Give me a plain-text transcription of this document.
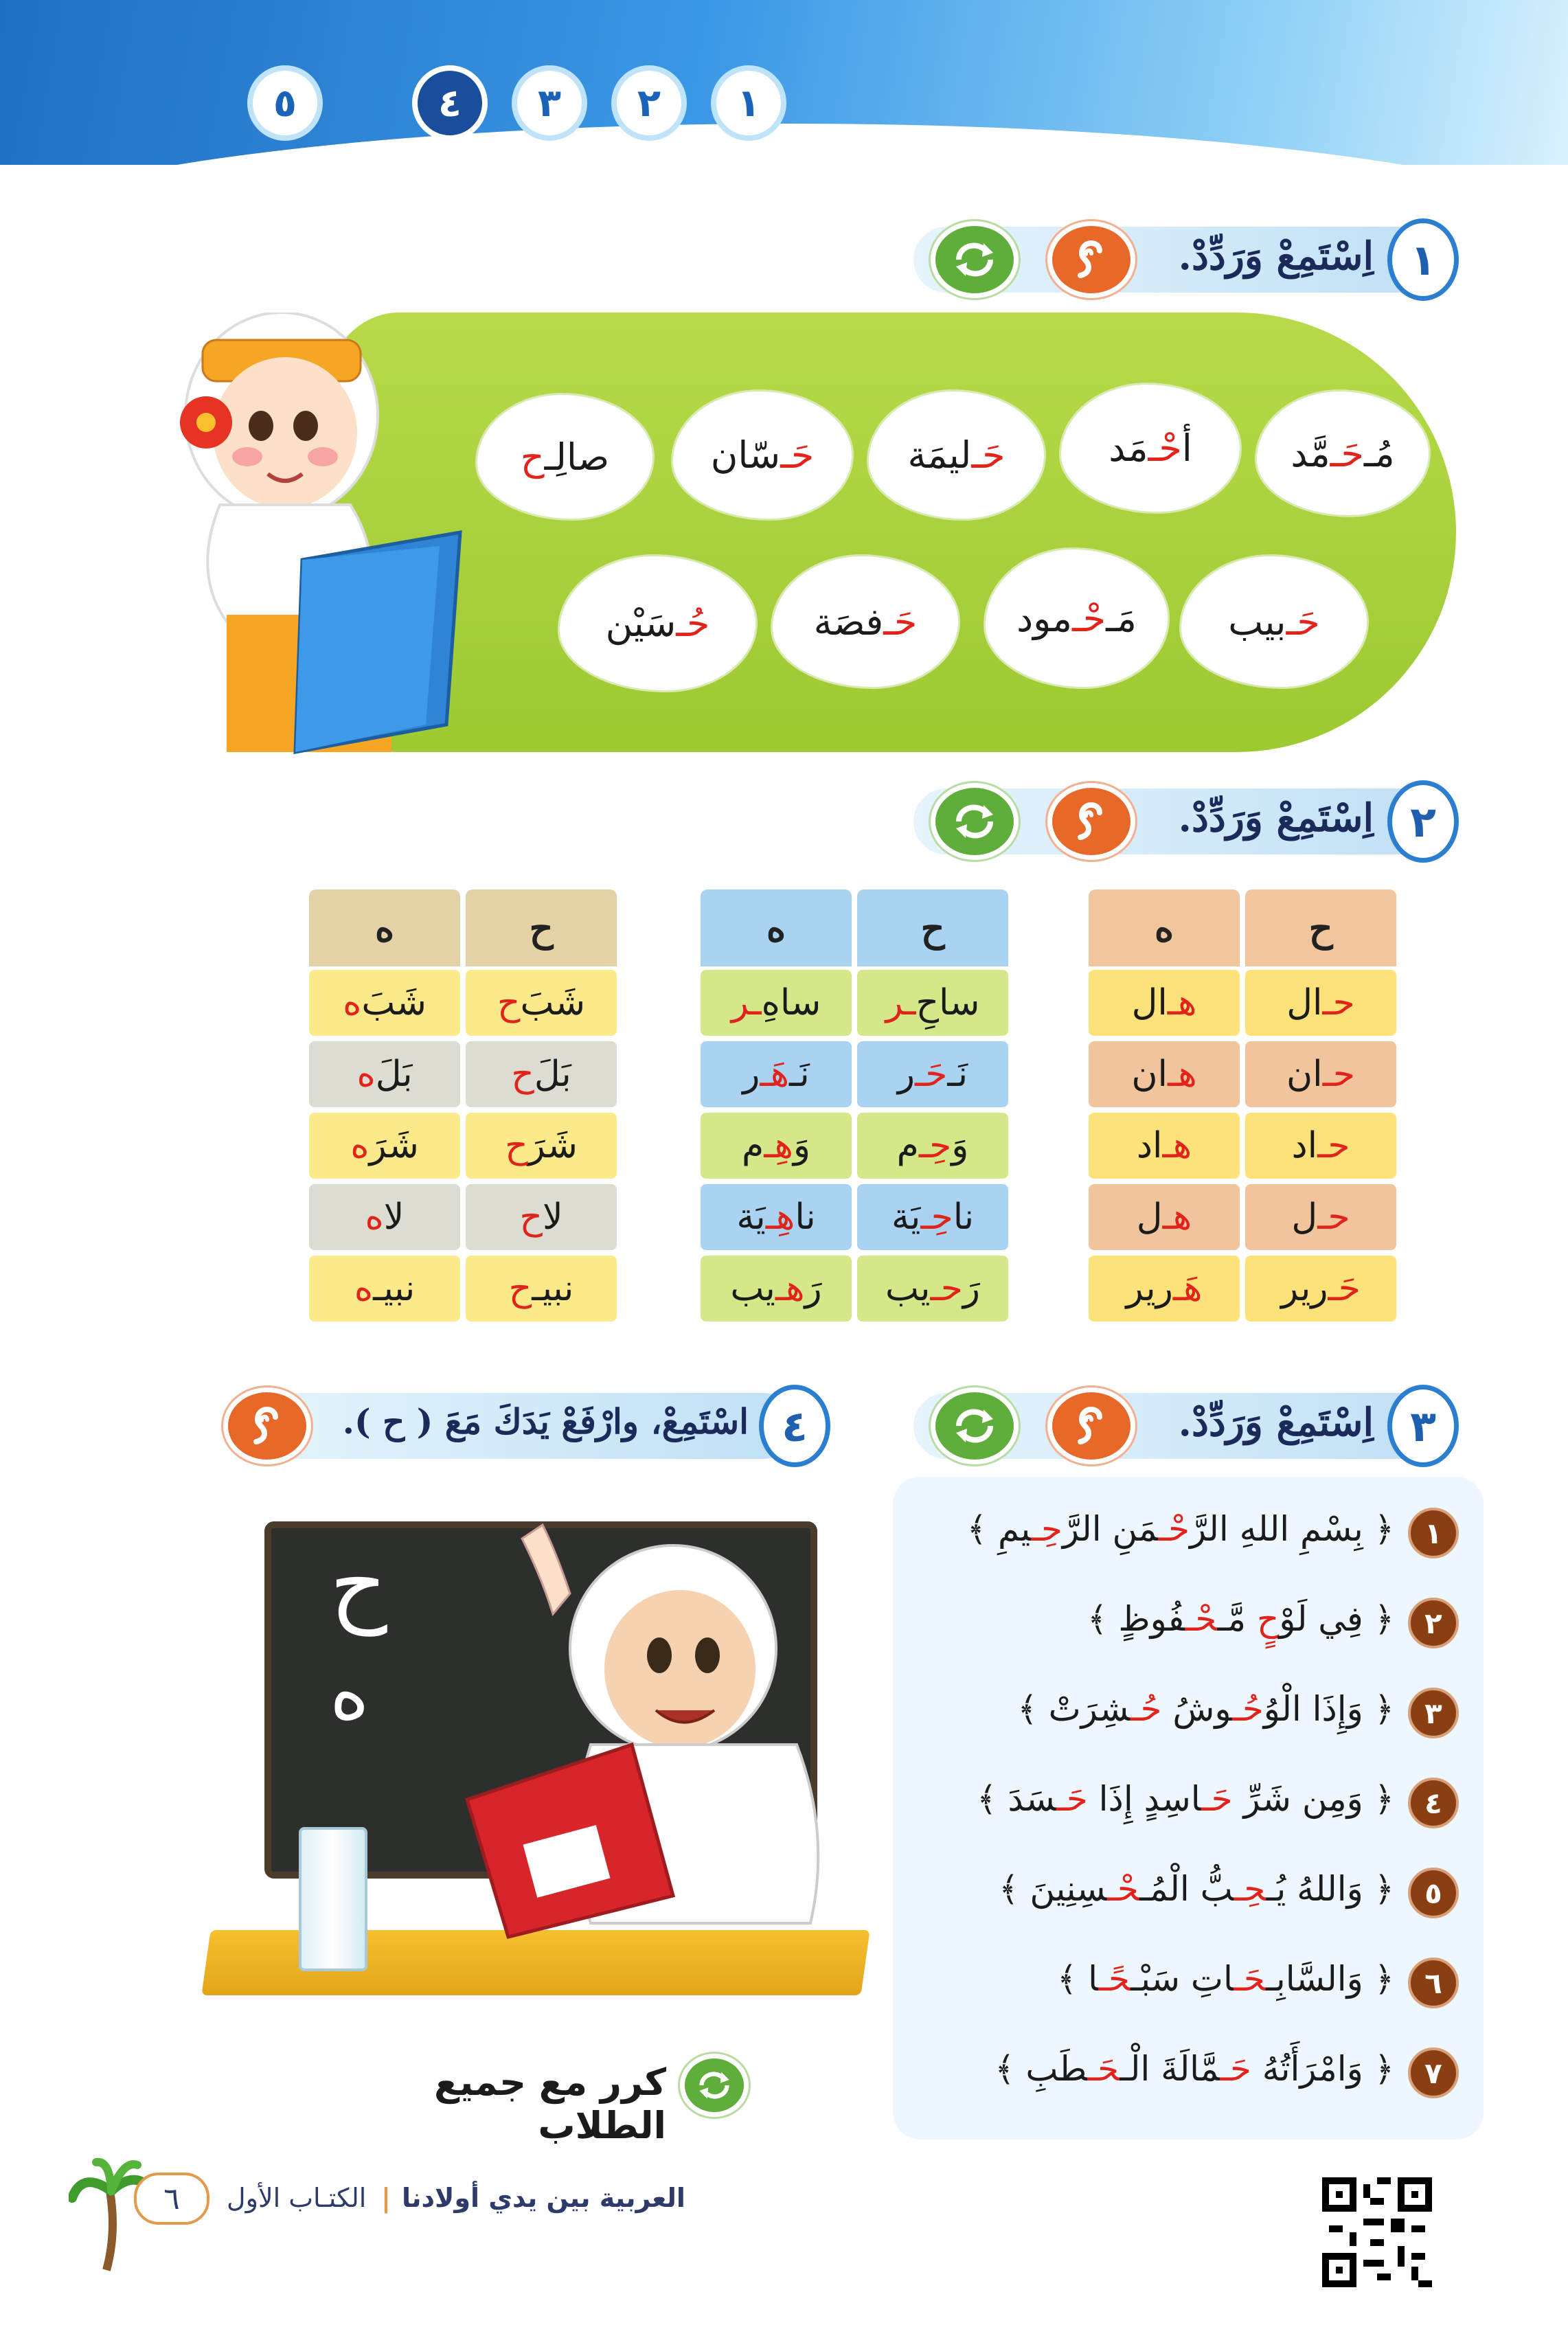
١
٢
٣
٤
٥
١
اِسْتَمِعْ وَرَدِّدْ.
مُـ
حَـ
مَّد
أ
حْـ
مَد
حَـ
ليمَة
حَـ
سّان
صالِـ
ح
حَـ
بيب
مَـ
حْـ
مود
حَـ
فصَة
حُـ
سَيْن
٢
اِسْتَمِعْ وَرَدِّدْ.
ح
حـ
ال
حـ
ان
حـ
اد
حـ
ل
حَـ
رير
ه
هـ
ال
هـ
ان
هـ
اد
هـ
ل
هَـ
رير
ح
ساحِ
ـر
نَـ
حَـ
ر
وَ
حِـ
م
نا
حِـ
يَة
رَ
حـ
يب
ه
ساهِ
ـر
نَـ
هَـ
ر
وَ
هِـ
م
نا
هِـ
يَة
رَ
هـ
يب
ح
شَبَ
ح
بَلَ
ح
شَرَ
ح
لا
ح
نبيـ
ح
ه
شَبَ
ه
بَلَ
ه
شَرَ
ه
لا
ه
نبيـ
ه
٣
اِسْتَمِعْ وَرَدِّدْ.
١
﴿ بِسْمِ اللهِ الرَّحْـمَنِ الرَّحِـيمِ ﴾
٢
﴿ فِي لَوْحٍ مَّـحْـفُوظٍ ﴾
٣
﴿ وَإِذَا الْوُحُـوشُ حُـشِرَتْ ﴾
٤
﴿ وَمِن شَرِّ حَـاسِدٍ إِذَا حَـسَدَ ﴾
٥
﴿ وَاللهُ يُـحِـبُّ الْمُـحْـسِنِينَ ﴾
٦
﴿ وَالسَّابِـحَـاتِ سَبْـحًـا ﴾
٧
﴿ وَامْرَأَتُهُ حَـمَّالَةَ الْـحَـطَبِ ﴾
٤
اسْتَمِعْ، وارْفَعْ يَدَكَ مَعَ ( ح ).
ح
ه
كرر مع جميع الطلاب
٦	الكتـاب الأول | العربية بين يدي أولادنا
